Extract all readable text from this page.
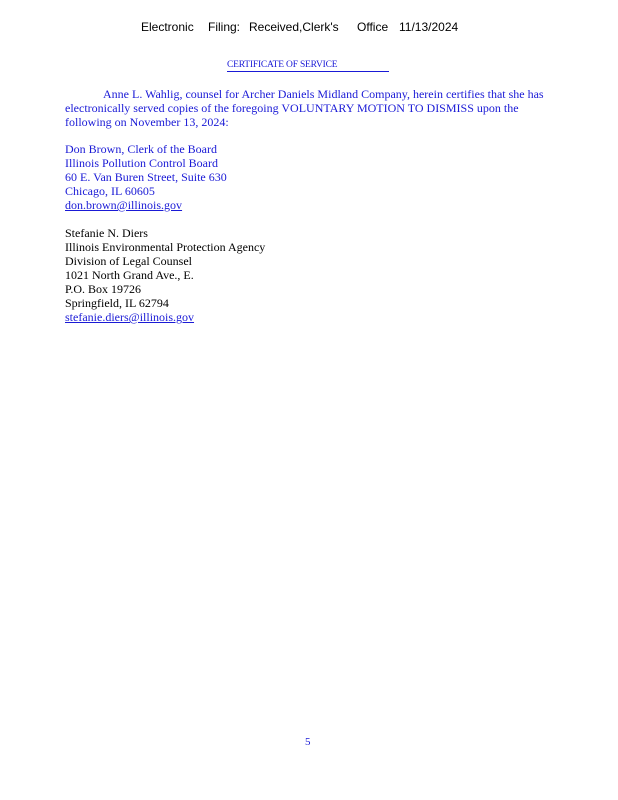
Electronic Filing: Received,Clerk's Office 11/13/2024
CERTIFICATE OF SERVICE
Anne L. Wahlig, counsel for Archer Daniels Midland Company, herein certifies that she has
electronically served copies of the foregoing VOLUNTARY MOTION TO DISMISS upon the
following on November 13, 2024:
Don Brown, Clerk of the Board
Illinois Pollution Control Board
60 E. Van Buren Street, Suite 630
Chicago, IL 60605
don.brown@illinois.gov
Stefanie N. Diers
Illinois Environmental Protection Agency
Division of Legal Counsel
1021 North Grand Ave., E.
P.O. Box 19726
Springfield, IL 62794
stefanie.diers@illinois.gov
5
